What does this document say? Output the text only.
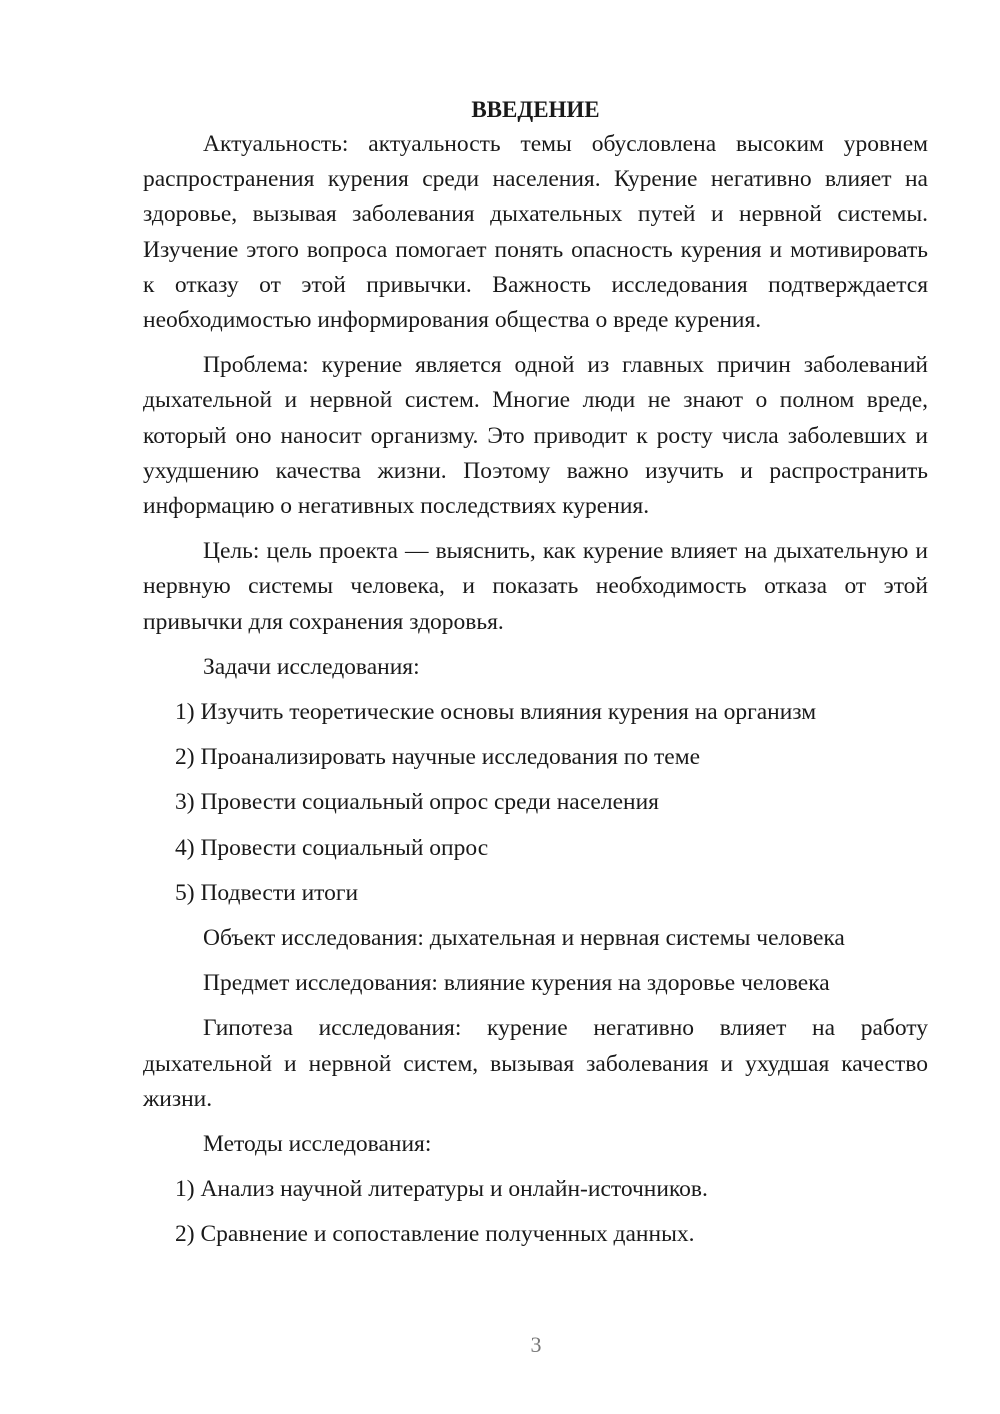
ВВЕДЕНИЕ

Актуальность: актуальность темы обусловлена высоким уровнем распространения курения среди населения. Курение негативно влияет на здоровье, вызывая заболевания дыхательных путей и нервной системы. Изучение этого вопроса помогает понять опасность курения и мотивировать к отказу от этой привычки. Важность исследования подтверждается необходимостью информирования общества о вреде курения.

Проблема: курение является одной из главных причин заболеваний дыхательной и нервной систем. Многие люди не знают о полном вреде, который оно наносит организму. Это приводит к росту числа заболевших и ухудшению качества жизни. Поэтому важно изучить и распространить информацию о негативных последствиях курения.

Цель: цель проекта — выяснить, как курение влияет на дыхательную и нервную системы человека, и показать необходимость отказа от этой привычки для сохранения здоровья.

Задачи исследования:

1) Изучить теоретические основы влияния курения на организм

2) Проанализировать научные исследования по теме

3) Провести социальный опрос среди населения

4) Провести социальный опрос

5) Подвести итоги

Объект исследования: дыхательная и нервная системы человека

Предмет исследования: влияние курения на здоровье человека

Гипотеза исследования: курение негативно влияет на работу дыхательной и нервной систем, вызывая заболевания и ухудшая качество жизни.

Методы исследования:

1) Анализ научной литературы и онлайн-источников.

2) Сравнение и сопоставление полученных данных.

3
